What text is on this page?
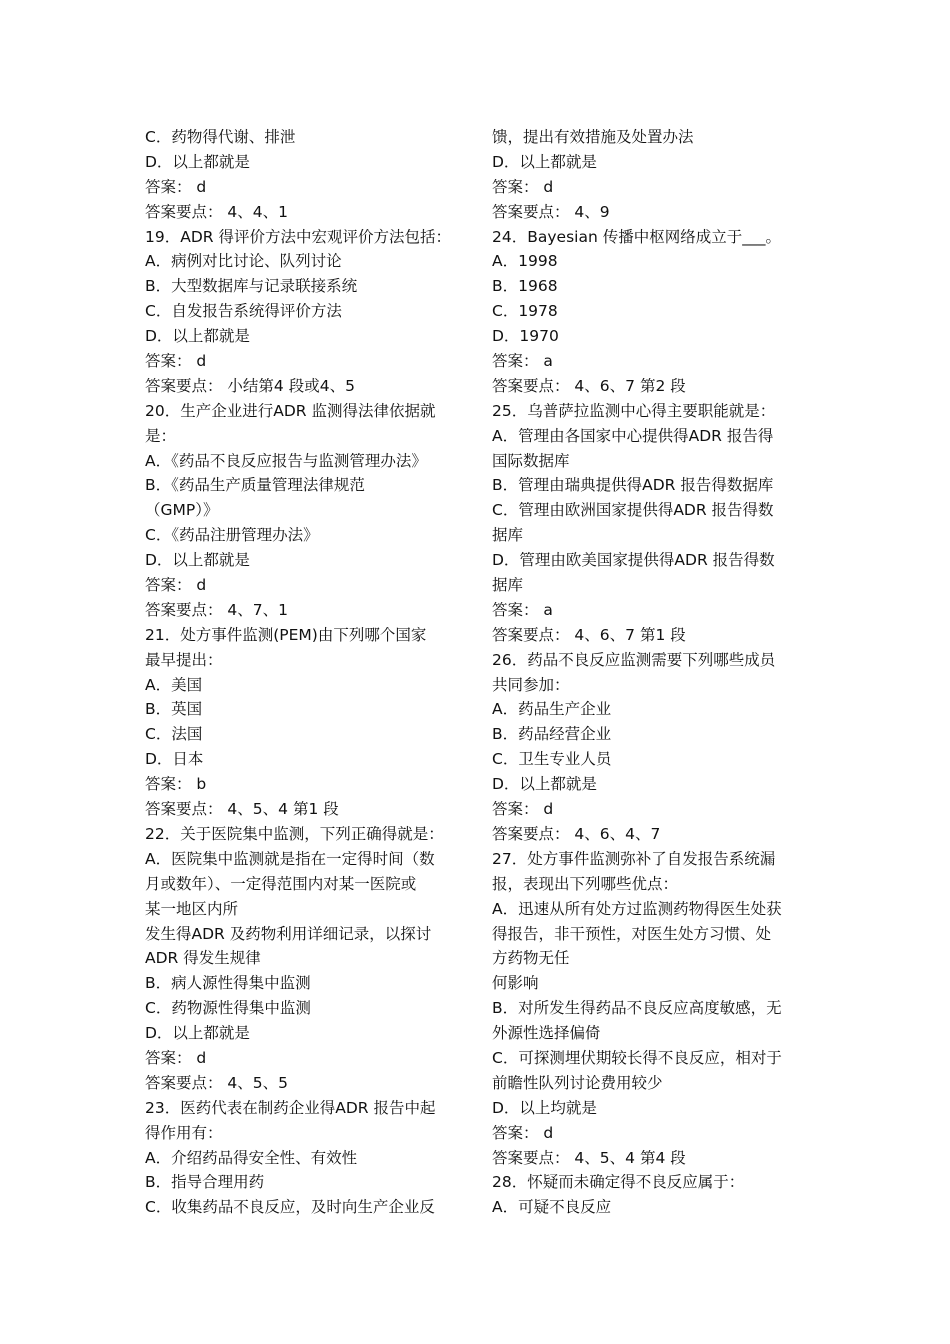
C．药物得代谢、排泄
D．以上都就是
答案： d
答案要点： 4、4、1
19．ADR 得评价方法中宏观评价方法包括：
A．病例对比讨论、队列讨论
B．大型数据库与记录联接系统
C．自发报告系统得评价方法
D．以上都就是
答案： d
答案要点： 小结第4 段或4、5
20．生产企业进行ADR 监测得法律依据就
是：
A．《药品不良反应报告与监测管理办法》
B．《药品生产质量管理法律规范
（GMP）》
C．《药品注册管理办法》
D．以上都就是
答案： d
答案要点： 4、7、1
21．处方事件监测(PEM)由下列哪个国家
最早提出：
A．美国
B．英国
C．法国
D．日本
答案： b
答案要点： 4、5、4 第1 段
22．关于医院集中监测，下列正确得就是：
A．医院集中监测就是指在一定得时间（数
月或数年）、一定得范围内对某一医院或
某一地区内所
发生得ADR 及药物利用详细记录，以探讨
ADR 得发生规律
B．病人源性得集中监测
C．药物源性得集中监测
D．以上都就是
答案： d
答案要点： 4、5、5
23．医药代表在制药企业得ADR 报告中起
得作用有：
A．介绍药品得安全性、有效性
B．指导合理用药
C．收集药品不良反应，及时向生产企业反
馈，提出有效措施及处置办法
D．以上都就是
答案： d
答案要点： 4、9
24．Bayesian 传播中枢网络成立于___。
A．1998
B．1968
C．1978
D．1970
答案： a
答案要点： 4、6、7 第2 段
25．乌普萨拉监测中心得主要职能就是：
A．管理由各国家中心提供得ADR 报告得
国际数据库
B．管理由瑞典提供得ADR 报告得数据库
C．管理由欧洲国家提供得ADR 报告得数
据库
D．管理由欧美国家提供得ADR 报告得数
据库
答案： a
答案要点： 4、6、7 第1 段
26．药品不良反应监测需要下列哪些成员
共同参加：
A．药品生产企业
B．药品经营企业
C．卫生专业人员
D．以上都就是
答案： d
答案要点： 4、6、4、7
27．处方事件监测弥补了自发报告系统漏
报，表现出下列哪些优点：
A．迅速从所有处方过监测药物得医生处获
得报告，非干预性，对医生处方习惯、处
方药物无任
何影响
B．对所发生得药品不良反应高度敏感，无
外源性选择偏倚
C．可探测埋伏期较长得不良反应，相对于
前瞻性队列讨论费用较少
D．以上均就是
答案： d
答案要点： 4、5、4 第4 段
28．怀疑而未确定得不良反应属于：
A．可疑不良反应
